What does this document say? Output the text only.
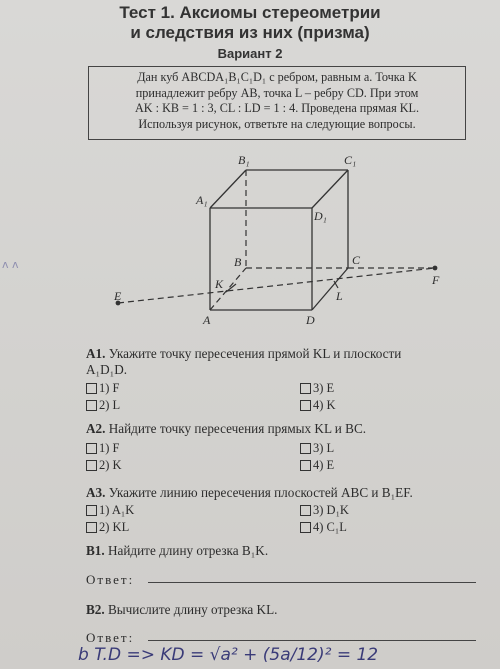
Тест 1. Аксиомы стереометрии
и следствия из них (призма)
Вариант 2
Дан куб ABCDA₁B₁C₁D₁ с ребром, равным a. Точка K
принадлежит ребру AB, точка L – ребру CD. При этом
AK : KB = 1 : 3, CL : LD = 1 : 4. Проведена прямая KL.
Используя рисунок, ответьте на следующие вопросы.
B₁	C₁
A₁
D₁
B	C
K
L
E
F
A	D
ᴧ ᴧ
A1. Укажите точку пересечения прямой KL и плоскости
A₁D₁D.
1) F
2) L
3) E
4) K
A2. Найдите точку пересечения прямых KL и BC.
1) F
2) K
3) L
4) E
A3. Укажите линию пересечения плоскостей ABC и B₁EF.
1) A₁K
2) KL
3) D₁K
4) C₁L
B1. Найдите длину отрезка B₁K.
Ответ:
B2. Вычислите длину отрезка KL.
Ответ:
b T.D => KD = √a² + (5a/12)² = 12
